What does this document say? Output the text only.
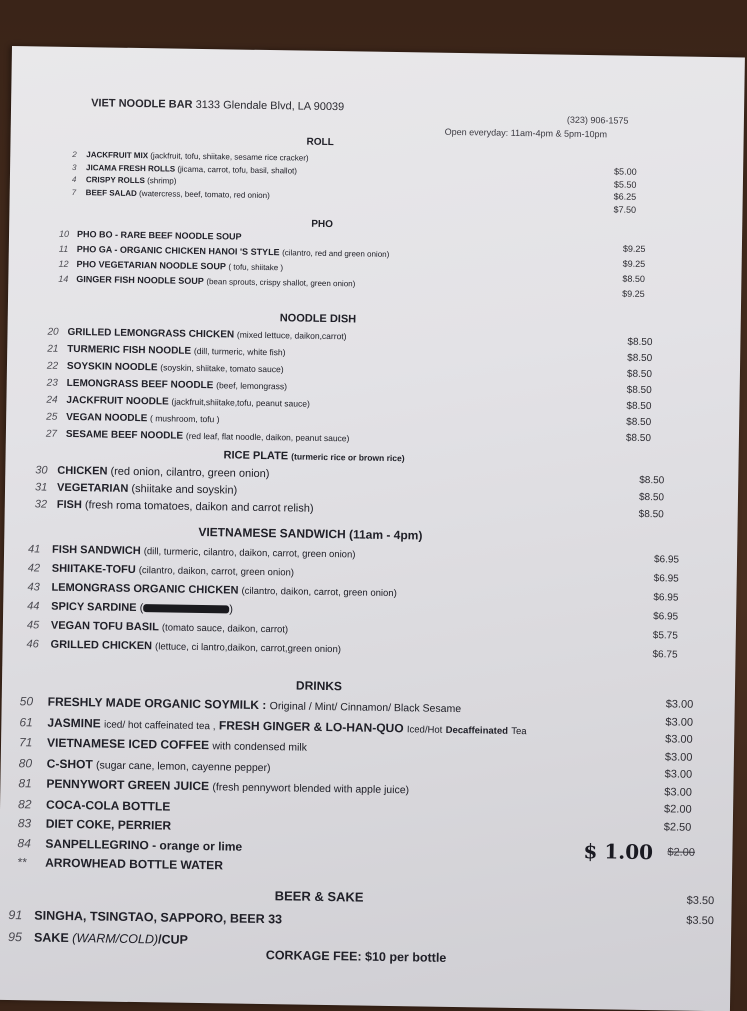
VIET NOODLE BAR 3133 Glendale Blvd, LA 90039
(323) 906-1575
Open everyday: 11am-4pm & 5pm-10pm
ROLL
2 JACKFRUIT MIX (jackfruit, tofu, shiitake, sesame rice cracker)
3 JICAMA FRESH ROLLS (jicama, carrot, tofu, basil, shallot)
4 CRISPY ROLLS (shrimp)
7 BEEF SALAD (watercress, beef, tomato, red onion)
$5.00
$5.50
$6.25
$7.50
PHO
10 PHO BO - RARE BEEF NOODLE SOUP
11 PHO GA - ORGANIC CHICKEN HANOI 'S STYLE (cilantro, red and green onion)
12 PHO VEGETARIAN NOODLE SOUP ( tofu, shiitake )
14 GINGER FISH NOODLE SOUP (bean sprouts, crispy shallot, green onion)
$9.25
$9.25
$8.50
$9.25
NOODLE DISH
20 GRILLED LEMONGRASS CHICKEN (mixed lettuce, daikon,carrot)
21 TURMERIC FISH NOODLE (dill, turmeric, white fish)
22 SOYSKIN NOODLE (soyskin, shiitake, tomato sauce)
23 LEMONGRASS BEEF NOODLE (beef, lemongrass)
24 JACKFRUIT NOODLE (jackfruit,shiitake,tofu, peanut sauce)
25 VEGAN NOODLE ( mushroom, tofu )
27 SESAME BEEF NOODLE (red leaf, flat noodle, daikon, peanut sauce)
$8.50
$8.50
$8.50
$8.50
$8.50
$8.50
$8.50
RICE PLATE (turmeric rice or brown rice)
30 CHICKEN (red onion, cilantro, green onion)
31 VEGETARIAN (shiitake and soyskin)
32 FISH (fresh roma tomatoes, daikon and carrot relish)
$8.50
$8.50
$8.50
VIETNAMESE SANDWICH (11am - 4pm)
41 FISH SANDWICH (dill, turmeric, cilantro, daikon, carrot, green onion)
42 SHIITAKE-TOFU (cilantro, daikon, carrot, green onion)
43 LEMONGRASS ORGANIC CHICKEN (cilantro, daikon, carrot, green onion)
44 SPICY SARDINE (	)
45 VEGAN TOFU BASIL (tomato sauce, daikon, carrot)
46 GRILLED CHICKEN (lettuce, ci lantro,daikon, carrot,green onion)
$6.95
$6.95
$6.95
$6.95
$5.75
$6.75
DRINKS
50 FRESHLY MADE ORGANIC SOYMILK : Original / Mint/ Cinnamon/ Black Sesame
61 JASMINE iced/ hot caffeinated tea , FRESH GINGER & LO-HAN-QUO Iced/Hot Decaffeinated Tea
71 VIETNAMESE ICED COFFEE with condensed milk
80 C-SHOT (sugar cane, lemon, cayenne pepper)
81 PENNYWORT GREEN JUICE (fresh pennywort blended with apple juice)
82 COCA-COLA BOTTLE
83 DIET COKE, PERRIER
84 SANPELLEGRINO - orange or lime
** ARROWHEAD BOTTLE WATER
$3.00
$3.00
$3.00
$3.00
$3.00
$3.00
$2.00
$2.50
$ 1.00 $2.00
BEER & SAKE	$3.50
91 SINGHA, TSINGTAO, SAPPORO, BEER 33
95 SAKE (WARM/COLD)/CUP
$3.50
CORKAGE FEE: $10 per bottle
